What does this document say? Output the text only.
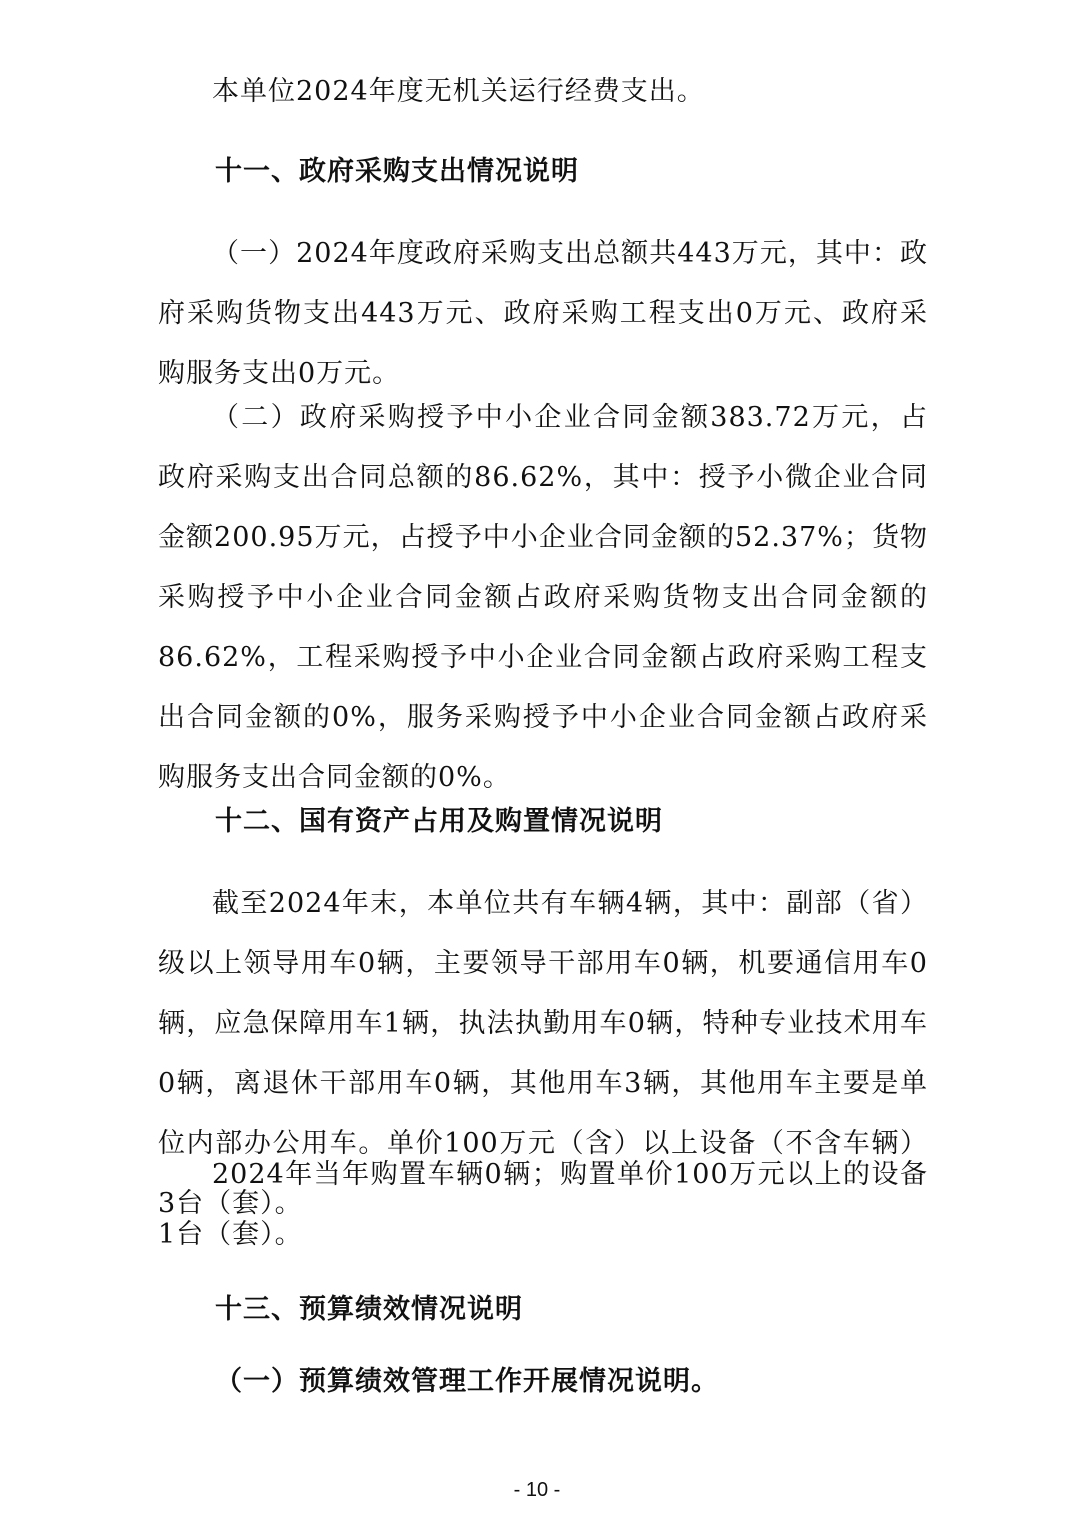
本单位2024年度无机关运行经费支出。

十一、政府采购支出情况说明

（一）2024年度政府采购支出总额共443万元，其中：政府采购货物支出443万元、政府采购工程支出0万元、政府采购服务支出0万元。

（二）政府采购授予中小企业合同金额383.72万元，占政府采购支出合同总额的86.62%，其中：授予小微企业合同金额200.95万元，占授予中小企业合同金额的52.37%；货物采购授予中小企业合同金额占政府采购货物支出合同金额的86.62%，工程采购授予中小企业合同金额占政府采购工程支出合同金额的0%，服务采购授予中小企业合同金额占政府采购服务支出合同金额的0%。

十二、国有资产占用及购置情况说明

截至2024年末，本单位共有车辆4辆，其中：副部（省）级以上领导用车0辆，主要领导干部用车0辆，机要通信用车0辆，应急保障用车1辆，执法执勤用车0辆，特种专业技术用车0辆，离退休干部用车0辆，其他用车3辆，其他用车主要是单位内部办公用车。单价100万元（含）以上设备（不含车辆）3台（套）。

2024年当年购置车辆0辆；购置单价100万元以上的设备1台（套）。

十三、预算绩效情况说明
（一）预算绩效管理工作开展情况说明。
- 10 -
